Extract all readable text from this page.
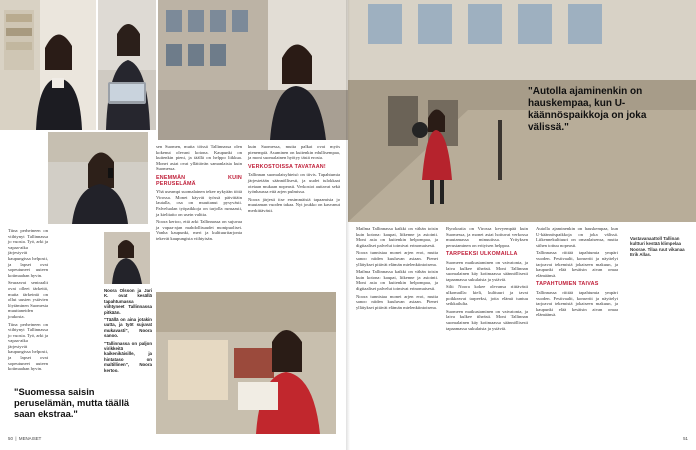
Tiina perheineen on viihtynyt Tallinnassa jo vuosia. Työ, arki ja vapaa-aika järjestyvät kaupungissa helposti, ja lapset ovat sopeutuneet uuteen kotimaahan hyvin.

Seuraavat sentraalit ovat olleet tärkeitä, mutta tärkeintä on ollut uusien ystävien löytäminen Suomesta muuttaneiden joukosta.

Tiina perheineen on viihtynyt Tallinnassa jo vuosia. Työ, arki ja vapaa-aika järjestyvät kaupungissa helposti, ja lapset ovat sopeutuneet uuteen kotimaahan hyvin.

Noora Olsson ja Jari K. ovat kesällä tapahtumassa viihtyneet Tallinnassa pitkään.

"Täällä on aina jotakin uutta, ja työt sujuvat mukavasti", Noora sanoo.

"Tallinnassa on paljon virikkeitä kaikenikäisille, ja hintataso on maltillinen", Noora kertoo.

sen Suomen, mutta töissä Tallinnassa olen kokenut olevani kotona. Kaupunki on kuitenkin pieni, ja täällä on helppo liikkua. Monet asiat ovat yllättävän samanlaisia kuin Suomessa.

ENEMMÄN KUIN PERUSELÄMÄ

Yhä useampi suomalainen tekee nykyään töitä Virossa. Monet käyvät työssä päivittäin lautalla, osa on muuttanut pysyvästi. Palvelualan työpaikkoja on tarjolla runsaasti, ja kielitaito on usein valttia.

Noora kertoo, että arki Tallinnassa on sujuvaa ja vapaa-ajan mahdollisuudet monipuoliset. Vanha kaupunki, meri ja kulttuuritarjonta tekevät kaupungista viihtyisän.

kuin Suomessa, mutta palkat ovat myös pienempiä. Asuminen on kuitenkin edullisempaa, ja moni suomalainen hyötyy tästä erosta.

VERKOSTOISSA TAVATAAN!

Tallinnan suomalaisyhteisö on tiivis. Tapahtumia järjestetään säännöllisesti, ja uudet tulokkaat otetaan mukaan nopeasti. Verkostot auttavat sekä työnhaussa että arjen pulmissa.

Noora järjesti itse ensimmäisiä tapaamisia jo muutaman vuoden takaa. Nyt joukko on kasvanut merkittävästi.

"Suomessa saisin peruselämän, mutta täällä saan ekstraa."
50  |  MENAISET
"Autolla ajaminenkin on hauskempaa, kun U-käännöspaikkoja on joka välissä."

Mailma Tallinnassa kaikki on vähän toisin kuin kotona: kaupat, liikenne ja asiointi. Moni asia on kuitenkin helpompaa, ja digitaaliset palvelut toimivat erinomaisesti.

Noora tunnistaa monet arjen erot, mutta sanoo niiden kuuluvan asiaan. Pienet yllätykset pitävät elämän mielenkiintoisena.

Mailma Tallinnassa kaikki on vähän toisin kuin kotona: kaupat, liikenne ja asiointi. Moni asia on kuitenkin helpompaa, ja digitaaliset palvelut toimivat erinomaisesti.

Noora tunnistaa monet arjen erot, mutta sanoo niiden kuuluvan asiaan. Pienet yllätykset pitävät elämän mielenkiintoisena.

Byrokratia on Virossa kevyempää kuin Suomessa, ja monet asiat hoituvat verkossa muutamassa minuutissa. Yrityksen perustaminen on erityisen helppoa.

TARPEEKSI ULKOMAILLA

Suomeen matkustaminen on vaivatonta, ja laiva kulkee tiheästi. Moni Tallinnan suomalainen käy kotimaassa säännöllisesti tapaamassa sukulaisia ja ystäviä.

Silti Noora kokee olevansa riittävästi ulkomailla: kieli, kulttuuri ja tavat poikkeavat tarpeeksi, jotta elämä tuntuu seikkailulta.

Suomeen matkustaminen on vaivatonta, ja laiva kulkee tiheästi. Moni Tallinnan suomalainen käy kotimaassa säännöllisesti tapaamassa sukulaisia ja ystäviä.

Autolla ajaminenkin on hauskempaa, kun U-käännöspaikkoja on joka välissä. Liikennekulttuuri on omanlaisensa, mutta siihen tottuu nopeasti.

Tallinnassa riittää tapahtumia ympäri vuoden. Festivaalit, konsertit ja näyttelyt tarjoavat tekemistä jokaiseen makuun, ja kaupunki elää kesäisin aivan omaa elämäänsä.

TAPAHTUMIEN TAIVAS

Tallinnassa riittää tapahtumia ympäri vuoden. Festivaalit, konsertit ja näyttelyt tarjoavat tekemistä jokaiseen makuun, ja kaupunki elää kesäisin aivan omaa elämäänsä.

Vastavanaattoll Tallinan kultturi kestää klimpelaa Noorae. Tilaa ruut vikanaa Erik Allas.
51
